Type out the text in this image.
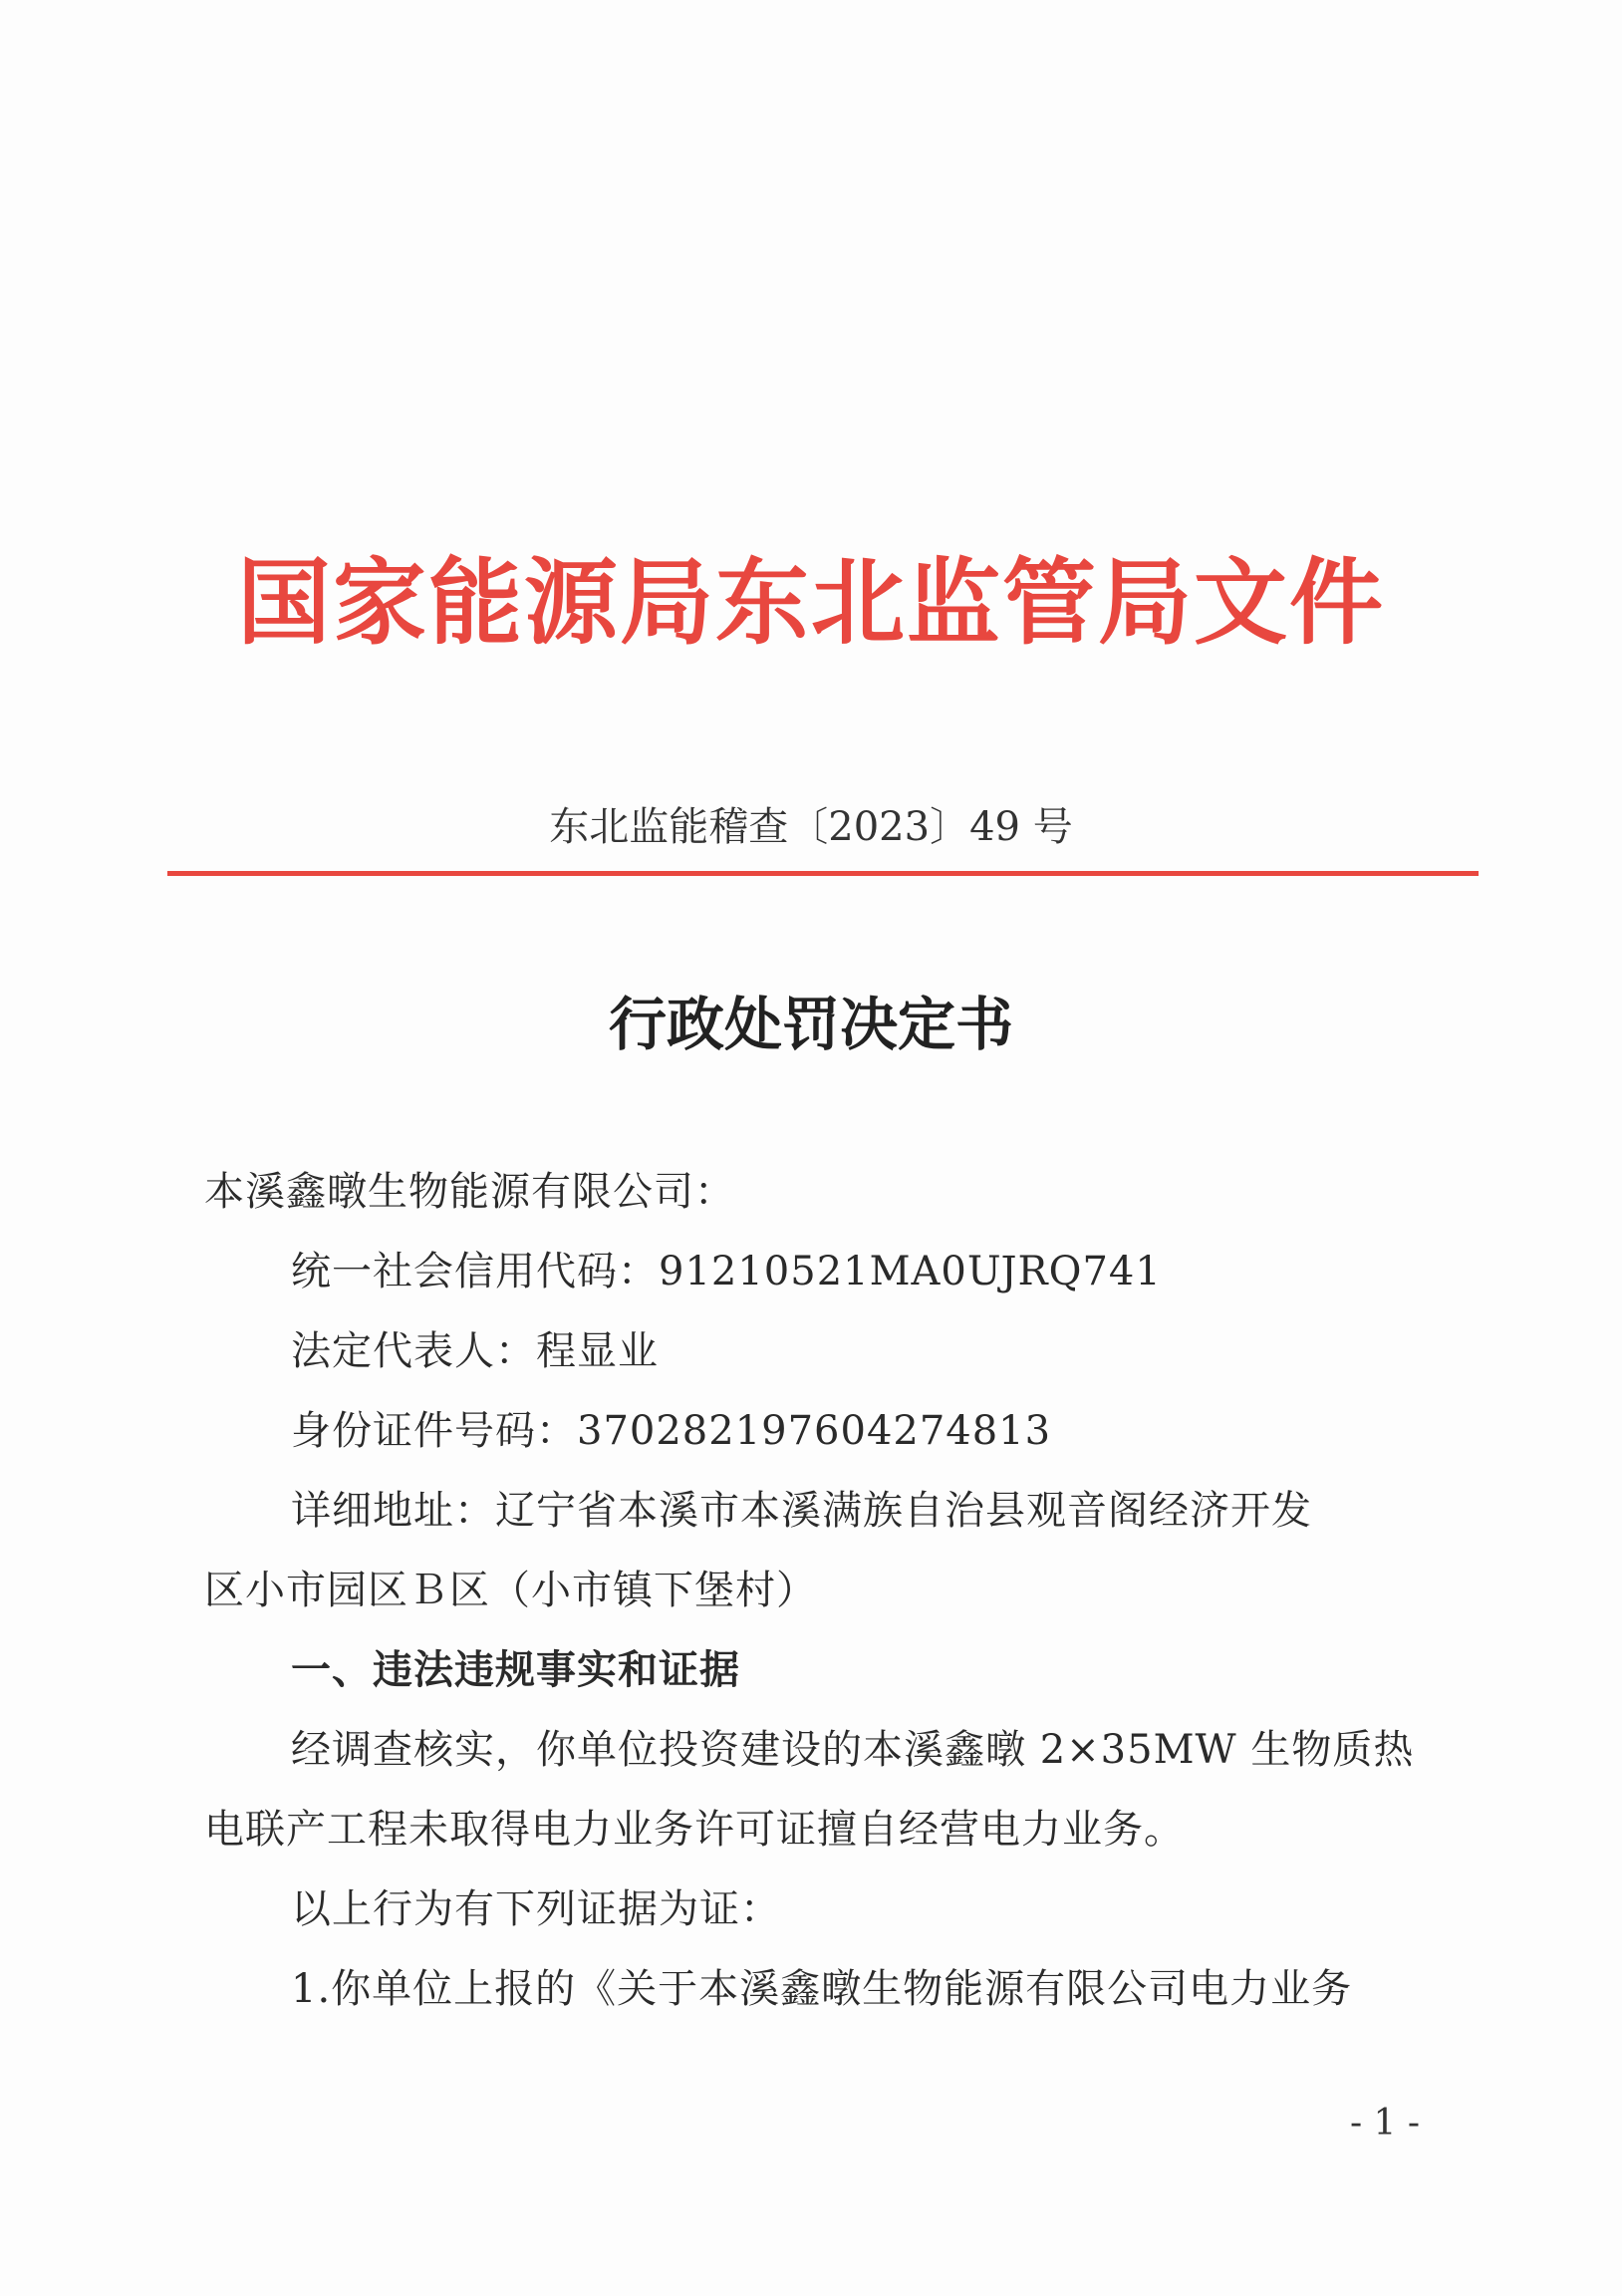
国家能源局东北监管局文件
东北监能稽查〔2023〕49 号
行政处罚决定书
本溪鑫暾生物能源有限公司：
统一社会信用代码：91210521MA0UJRQ741
法定代表人：程显业
身份证件号码：370282197604274813
详细地址：辽宁省本溪市本溪满族自治县观音阁经济开发
区小市园区Ｂ区（小市镇下堡村）
一、违法违规事实和证据
经调查核实，你单位投资建设的本溪鑫暾 2×35MW 生物质热
电联产工程未取得电力业务许可证擅自经营电力业务。
以上行为有下列证据为证：
1.你单位上报的《关于本溪鑫暾生物能源有限公司电力业务
- 1 -
